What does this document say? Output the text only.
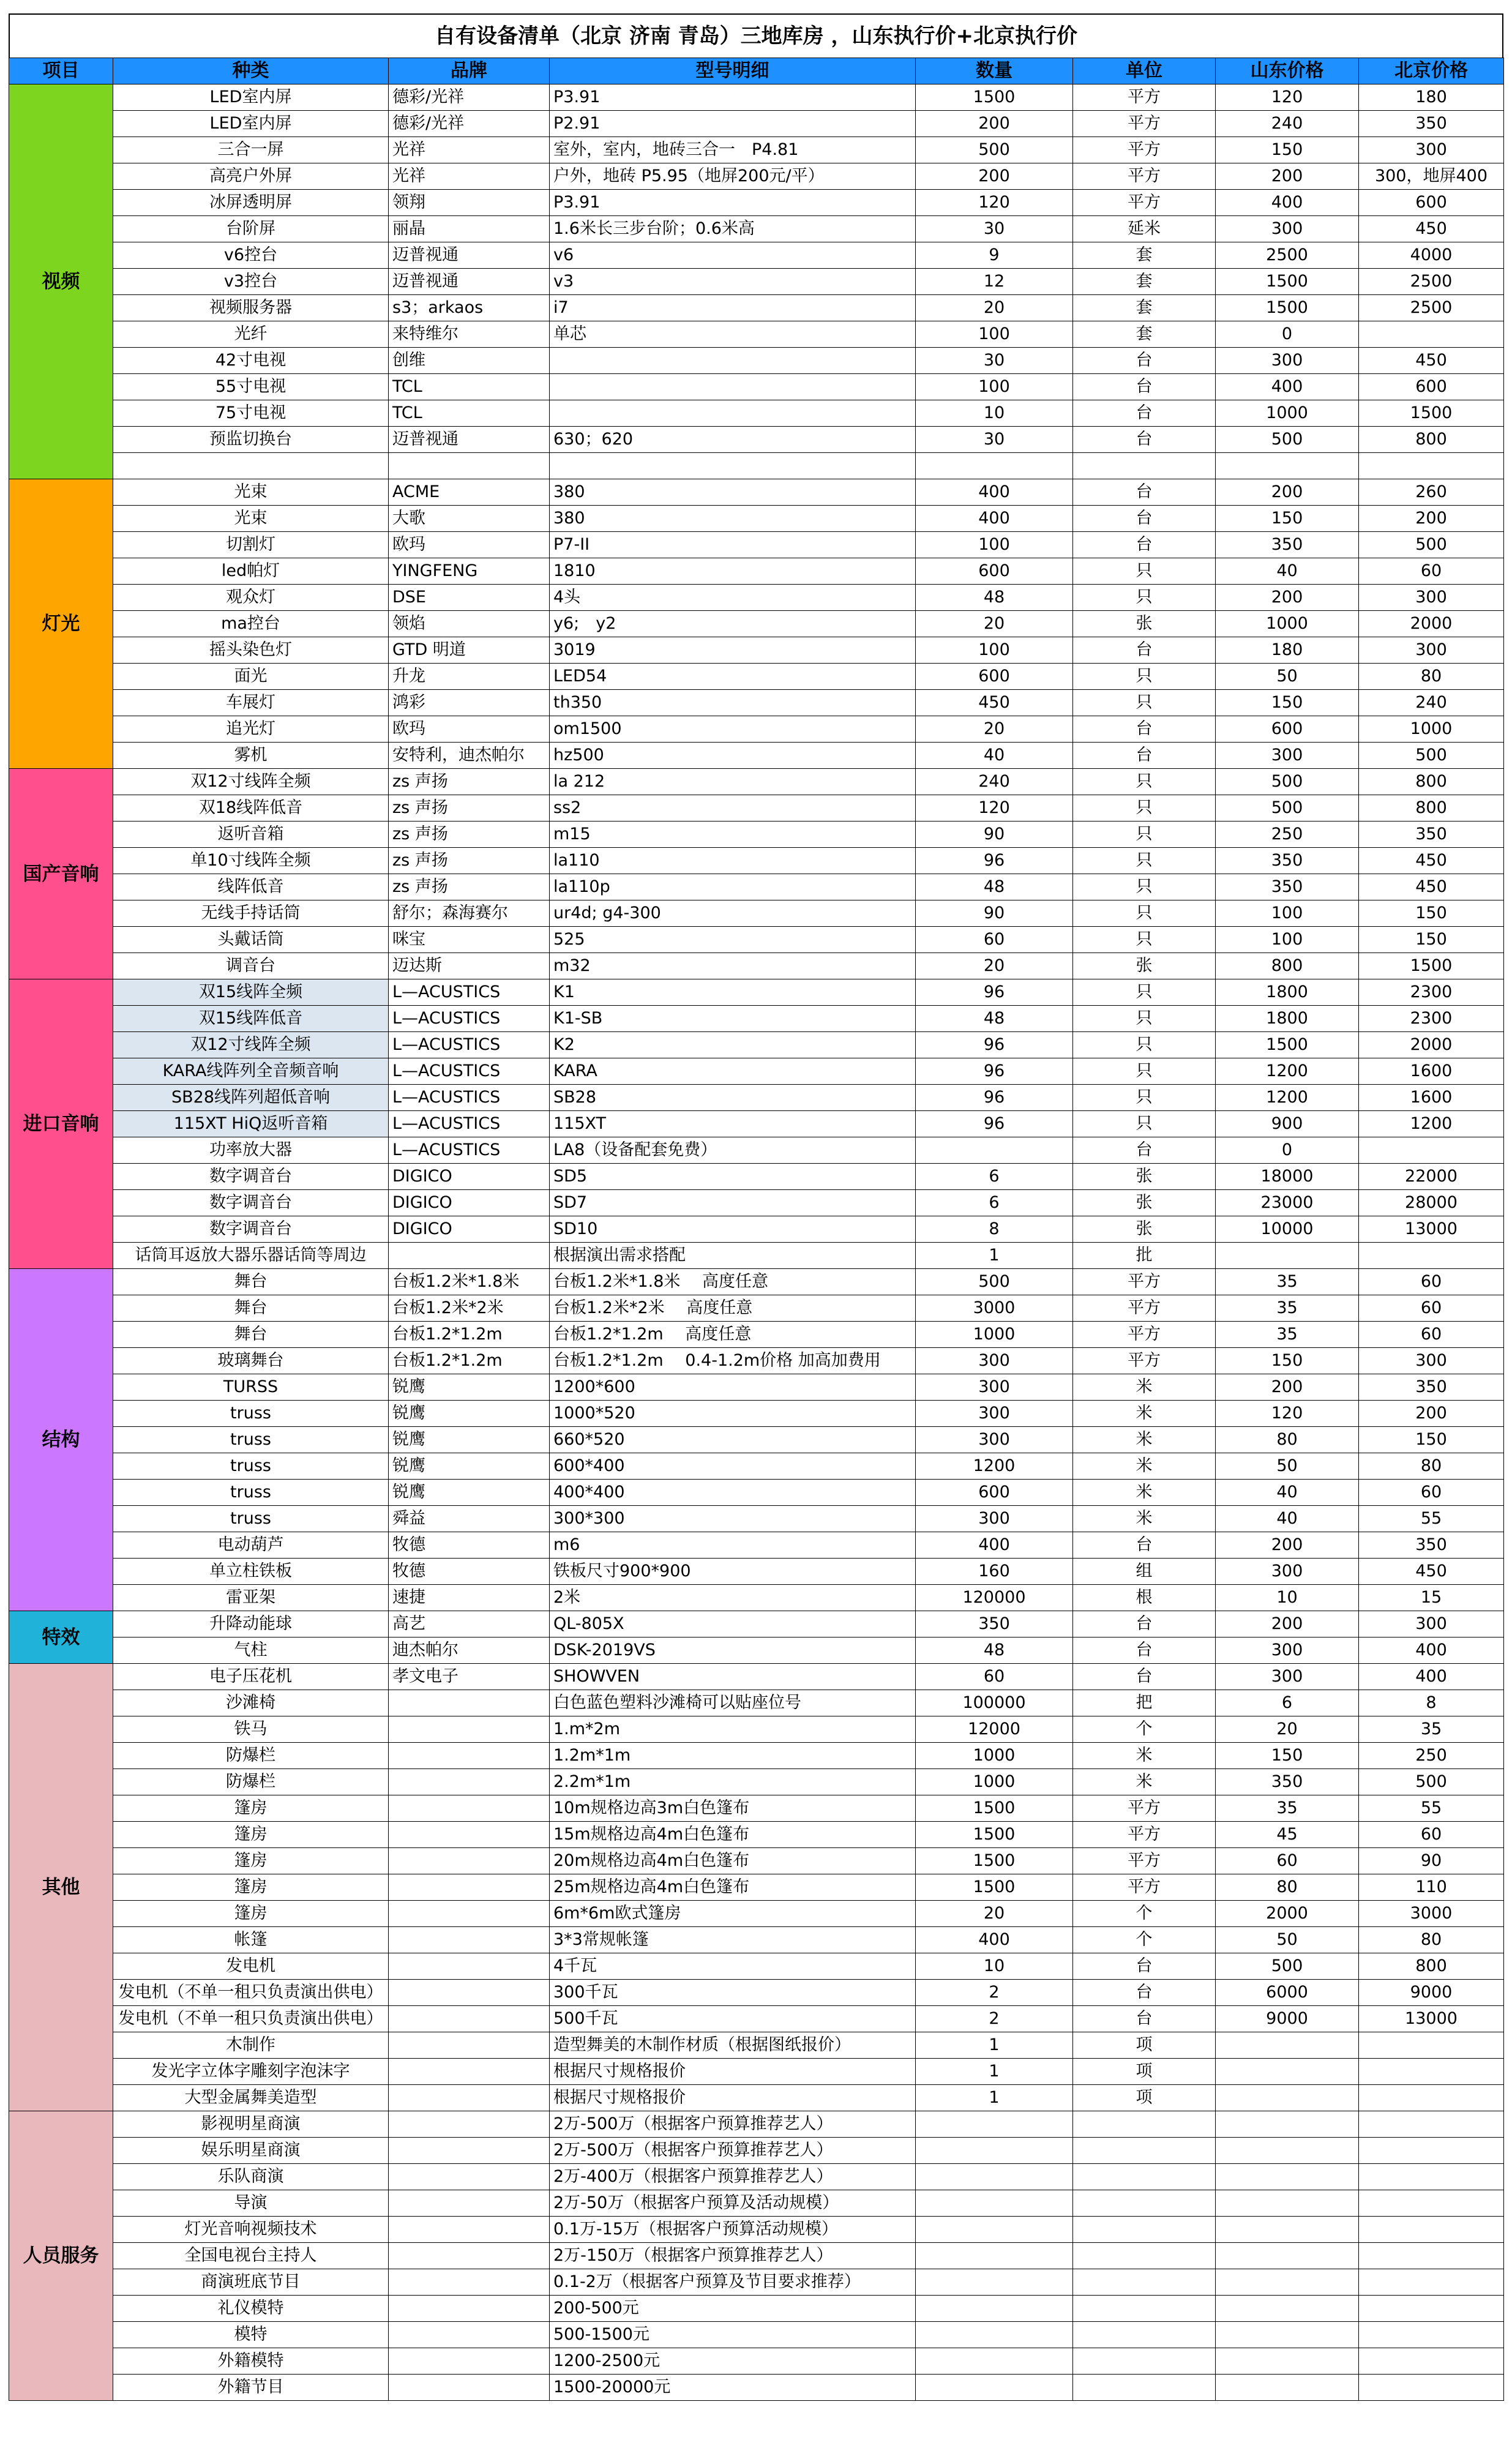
自有设备清单（北京 济南 青岛）三地库房 ，山东执行价+北京执行价
项目	种类	品牌	型号明细	数量	单位	山东价格	北京价格
视频	LED室内屏	德彩/光祥	P3.91	1500	平方	120	180
	LED室内屏	德彩/光祥	P2.91	200	平方	240	350
	三合一屏	光祥	室外，室内，地砖三合一　P4.81	500	平方	150	300
	高亮户外屏	光祥	户外，地砖 P5.95（地屏200元/平）	200	平方	200	300，地屏400
	冰屏透明屏	领翔	P3.91	120	平方	400	600
	台阶屏	丽晶	1.6米长三步台阶；0.6米高	30	延米	300	450
	v6控台	迈普视通	v6	9	套	2500	4000
	v3控台	迈普视通	v3	12	套	1500	2500
	视频服务器	s3；arkaos	i7	20	套	1500	2500
	光纤	来特维尔	单芯	100	套	0	
	42寸电视	创维		30	台	300	450
	55寸电视	TCL		100	台	400	600
	75寸电视	TCL		10	台	1000	1500
	预监切换台	迈普视通	630；620	30	台	500	800

灯光	光束	ACME	380	400	台	200	260
	光束	大歌	380	400	台	150	200
	切割灯	欧玛	P7-II	100	台	350	500
	led帕灯	YINGFENG	1810	600	只	40	60
	观众灯	DSE	4头	48	只	200	300
	ma控台	领焰	y6;　y2	20	张	1000	2000
	摇头染色灯	GTD 明道	3019	100	台	180	300
	面光	升龙	LED54	600	只	50	80
	车展灯	鸿彩	th350	450	只	150	240
	追光灯	欧玛	om1500	20	台	600	1000
	雾机	安特利，迪杰帕尔	hz500	40	台	300	500
国产音响	双12寸线阵全频	zs 声扬	la 212	240	只	500	800
	双18线阵低音	zs 声扬	ss2	120	只	500	800
	返听音箱	zs 声扬	m15	90	只	250	350
	单10寸线阵全频	zs 声扬	la110	96	只	350	450
	线阵低音	zs 声扬	la110p	48	只	350	450
	无线手持话筒	舒尔；森海赛尔	ur4d; g4-300	90	只	100	150
	头戴话筒	咪宝	525	60	只	100	150
	调音台	迈达斯	m32	20	张	800	1500
进口音响	双15线阵全频	L—ACUSTICS	K1	96	只	1800	2300
	双15线阵低音	L—ACUSTICS	K1-SB	48	只	1800	2300
	双12寸线阵全频	L—ACUSTICS	K2	96	只	1500	2000
	KARA线阵列全音频音响	L—ACUSTICS	KARA	96	只	1200	1600
	SB28线阵列超低音响	L—ACUSTICS	SB28	96	只	1200	1600
	115XT HiQ返听音箱	L—ACUSTICS	115XT	96	只	900	1200
	功率放大器	L—ACUSTICS	LA8（设备配套免费）		台	0	
	数字调音台	DIGICO	SD5	6	张	18000	22000
	数字调音台	DIGICO	SD7	6	张	23000	28000
	数字调音台	DIGICO	SD10	8	张	10000	13000
	话筒耳返放大器乐器话筒等周边		根据演出需求搭配	1	批		
结构	舞台	台板1.2米*1.8米	台板1.2米*1.8米　 高度任意	500	平方	35	60
	舞台	台板1.2米*2米	台板1.2米*2米　 高度任意	3000	平方	35	60
	舞台	台板1.2*1.2m	台板1.2*1.2m　 高度任意	1000	平方	35	60
	玻璃舞台	台板1.2*1.2m	台板1.2*1.2m　 0.4-1.2m价格 加高加费用	300	平方	150	300
	TURSS	锐鹰	1200*600	300	米	200	350
	truss	锐鹰	1000*520	300	米	120	200
	truss	锐鹰	660*520	300	米	80	150
	truss	锐鹰	600*400	1200	米	50	80
	truss	锐鹰	400*400	600	米	40	60
	truss	舜益	300*300	300	米	40	55
	电动葫芦	牧德	m6	400	台	200	350
	单立柱铁板	牧德	铁板尺寸900*900	160	组	300	450
	雷亚架	速捷	2米	120000	根	10	15
特效	升降动能球	高艺	QL-805X	350	台	200	300
	气柱	迪杰帕尔	DSK-2019VS	48	台	300	400
其他	电子压花机	孝文电子	SHOWVEN	60	台	300	400
	沙滩椅		白色蓝色塑料沙滩椅可以贴座位号	100000	把	6	8
	铁马		1.m*2m	12000	个	20	35
	防爆栏		1.2m*1m	1000	米	150	250
	防爆栏		2.2m*1m	1000	米	350	500
	篷房		10m规格边高3m白色篷布	1500	平方	35	55
	篷房		15m规格边高4m白色篷布	1500	平方	45	60
	篷房		20m规格边高4m白色篷布	1500	平方	60	90
	篷房		25m规格边高4m白色篷布	1500	平方	80	110
	篷房		6m*6m欧式篷房	20	个	2000	3000
	帐篷		3*3常规帐篷	400	个	50	80
	发电机		4千瓦	10	台	500	800
	发电机（不单一租只负责演出供电）		300千瓦	2	台	6000	9000
	发电机（不单一租只负责演出供电）		500千瓦	2	台	9000	13000
	木制作		造型舞美的木制作材质（根据图纸报价）	1	项		
	发光字立体字雕刻字泡沫字		根据尺寸规格报价	1	项		
	大型金属舞美造型		根据尺寸规格报价	1	项		
人员服务	影视明星商演		2万-500万（根据客户预算推荐艺人）				
	娱乐明星商演		2万-500万（根据客户预算推荐艺人）				
	乐队商演		2万-400万（根据客户预算推荐艺人）				
	导演		2万-50万（根据客户预算及活动规模）				
	灯光音响视频技术		0.1万-15万（根据客户预算活动规模）				
	全国电视台主持人		2万-150万（根据客户预算推荐艺人）				
	商演班底节目		0.1-2万（根据客户预算及节目要求推荐）				
	礼仪模特		200-500元				
	模特		500-1500元				
	外籍模特		1200-2500元				
	外籍节目		1500-20000元				
